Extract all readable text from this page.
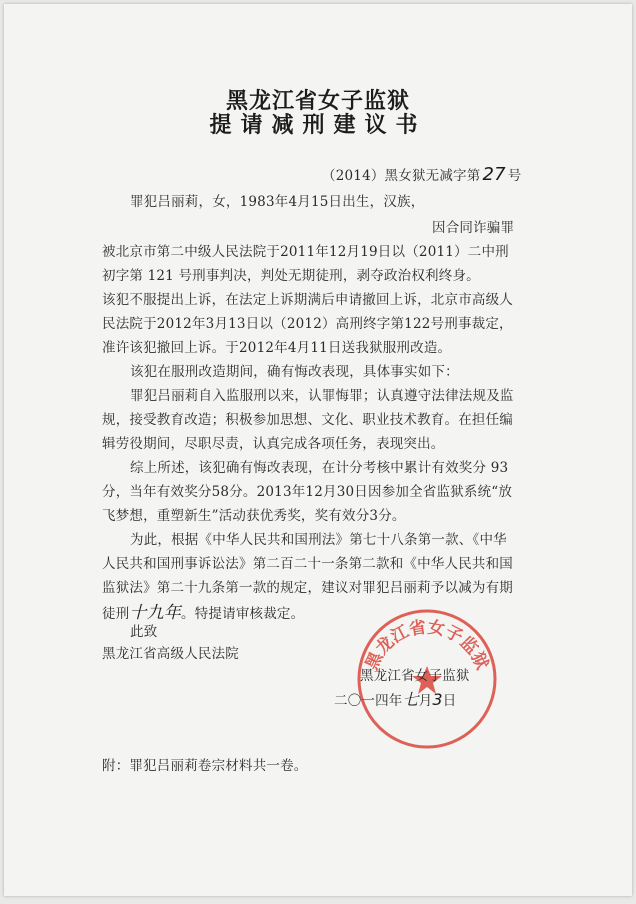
黑龙江省女子监狱
提请减刑建议书
（2014）黑女狱无减字第 27 号
罪犯吕丽莉，女，1983年4月15日出生，汉族，
因合同诈骗罪
被北京市第二中级人民法院于2011年12月19日以（2011）二中刑
初字第 121 号刑事判决，判处无期徒刑，剥夺政治权利终身。
该犯不服提出上诉，在法定上诉期满后申请撤回上诉，北京市高级人
民法院于2012年3月13日以（2012）高刑终字第122号刑事裁定，
准许该犯撤回上诉。于2012年4月11日送我狱服刑改造。
该犯在服刑改造期间，确有悔改表现，具体事实如下：
罪犯吕丽莉自入监服刑以来，认罪悔罪；认真遵守法律法规及监
规，接受教育改造；积极参加思想、文化、职业技术教育。在担任编
辑劳役期间，尽职尽责，认真完成各项任务，表现突出。
综上所述，该犯确有悔改表现，在计分考核中累计有效奖分 93
分，当年有效奖分58分。2013年12月30日因参加全省监狱系统“放
飞梦想，重塑新生”活动获优秀奖，奖有效分3分。
为此，根据《中华人民共和国刑法》第七十八条第一款、《中华
人民共和国刑事诉讼法》第二百二十一条第二款和《中华人民共和国
监狱法》第二十九条第一款的规定，建议对罪犯吕丽莉予以减为有期
徒刑十九年。特提请审核裁定。
此致
黑龙江省高级人民法院	黑龙江省女子监狱
黑龙江省女子监狱
二〇一四年七月3日
附：罪犯吕丽莉卷宗材料共一卷。
